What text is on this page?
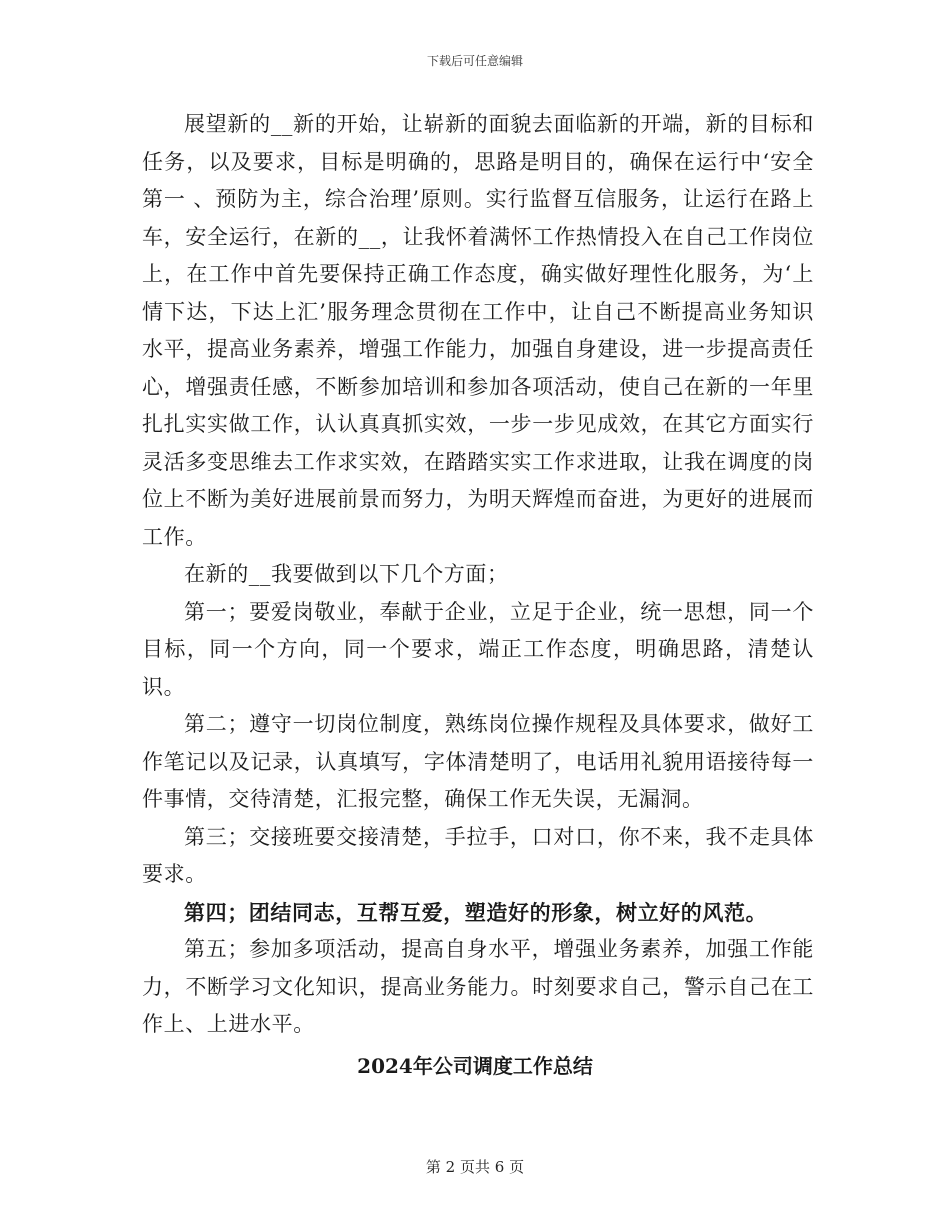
下载后可任意编辑

展望新的__新的开始，让崭新的面貌去面临新的开端，新的目标和任务，以及要求，目标是明确的，思路是明目的，确保在运行中‘安全第一 、预防为主，综合治理’原则。实行监督互信服务，让运行在路上车，安全运行，在新的__，让我怀着满怀工作热情投入在自己工作岗位上，在工作中首先要保持正确工作态度，确实做好理性化服务，为‘上情下达，下达上汇’服务理念贯彻在工作中，让自己不断提高业务知识水平，提高业务素养，增强工作能力，加强自身建设，进一步提高责任心，增强责任感，不断参加培训和参加各项活动，使自己在新的一年里扎扎实实做工作，认认真真抓实效，一步一步见成效，在其它方面实行灵活多变思维去工作求实效，在踏踏实实工作求进取，让我在调度的岗位上不断为美好进展前景而努力，为明天辉煌而奋进，为更好的进展而工作。

在新的__我要做到以下几个方面；

第一；要爱岗敬业，奉献于企业，立足于企业，统一思想，同一个目标，同一个方向，同一个要求，端正工作态度，明确思路，清楚认识。

第二；遵守一切岗位制度，熟练岗位操作规程及具体要求，做好工作笔记以及记录，认真填写，字体清楚明了，电话用礼貌用语接待每一件事情，交待清楚，汇报完整，确保工作无失误，无漏洞。

第三；交接班要交接清楚，手拉手，口对口，你不来，我不走具体要求。

第四；团结同志，互帮互爱，塑造好的形象，树立好的风范。

第五；参加多项活动，提高自身水平，增强业务素养，加强工作能力，不断学习文化知识，提高业务能力。时刻要求自己，警示自己在工作上、上进水平。

2024年公司调度工作总结
第 2 页共 6 页
